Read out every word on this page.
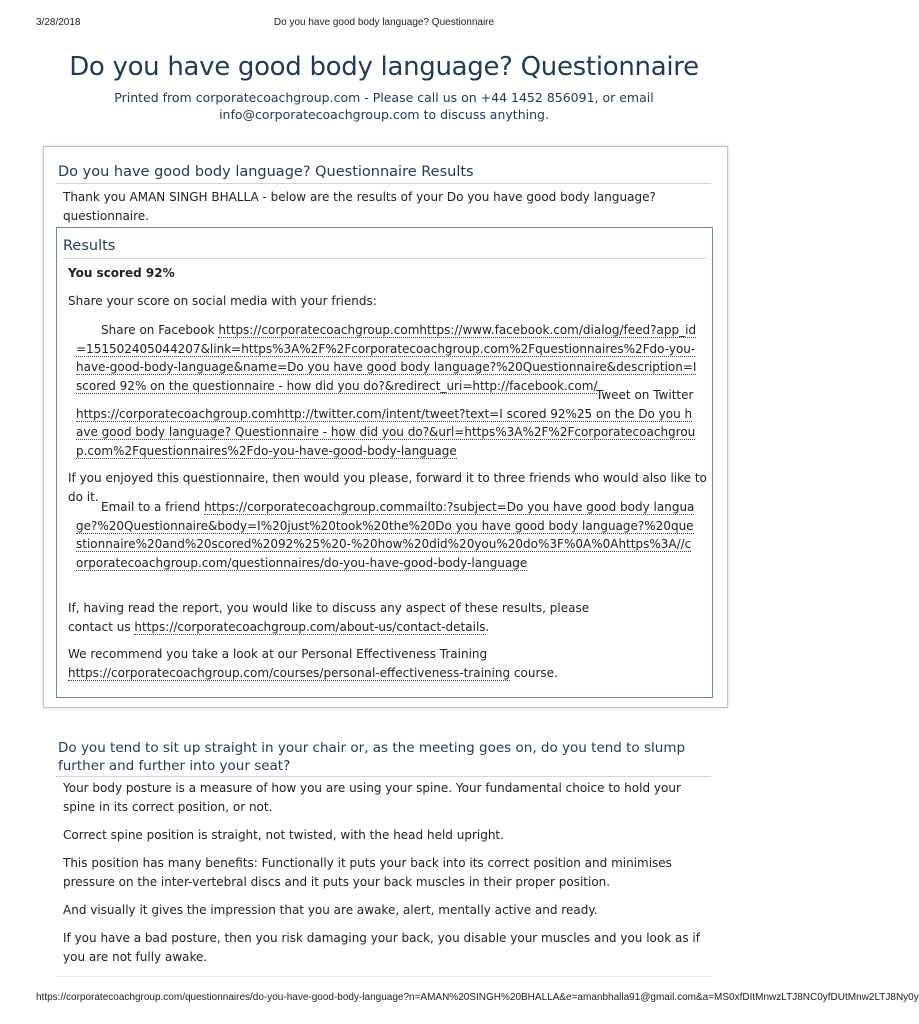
3/28/2018	Do you have good body language? Questionnaire
Do you have good body language? Questionnaire
Printed from corporatecoachgroup.com - Please call us on +44 1452 856091, or email info@corporatecoachgroup.com to discuss anything.
Do you have good body language? Questionnaire Results
Thank you AMAN SINGH BHALLA - below are the results of your Do you have good body language? questionnaire.
Results
You scored 92%
Share your score on social media with your friends:
Share on Facebook https://corporatecoachgroup.comhttps://www.facebook.com/dialog/feed?app_id=151502405044207&link=https%3A%2F%2Fcorporatecoachgroup.com%2Fquestionnaires%2Fdo-you-have-good-body-language&name=Do you have good body language?%20Questionnaire&description=I scored 92% on the questionnaire - how did you do?&redirect_uri=http://facebook.com/
Tweet on Twitter https://corporatecoachgroup.comhttp://twitter.com/intent/tweet?text=I scored 92%25 on the Do you have good body language? Questionnaire - how did you do?&url=https%3A%2F%2Fcorporatecoachgroup.com%2Fquestionnaires%2Fdo-you-have-good-body-language
If you enjoyed this questionnaire, then would you please, forward it to three friends who would also like to do it.
Email to a friend https://corporatecoachgroup.commailto:?subject=Do you have good body language?%20Questionnaire&body=I%20just%20took%20the%20Do you have good body language?%20questionnaire%20and%20scored%2092%25%20-%20how%20did%20you%20do%3F%0A%0Ahttps%3A//corporatecoachgroup.com/questionnaires/do-you-have-good-body-language
If, having read the report, you would like to discuss any aspect of these results, please contact us https://corporatecoachgroup.com/about-us/contact-details.
We recommend you take a look at our Personal Effectiveness Training https://corporatecoachgroup.com/courses/personal-effectiveness-training course.
Do you tend to sit up straight in your chair or, as the meeting goes on, do you tend to slump further and further into your seat?
Your body posture is a measure of how you are using your spine. Your fundamental choice to hold your spine in its correct position, or not.
Correct spine position is straight, not twisted, with the head held upright.
This position has many benefits: Functionally it puts your back into its correct position and minimises pressure on the inter-vertebral discs and it puts your back muscles in their proper position.
And visually it gives the impression that you are awake, alert, mentally active and ready.
If you have a bad posture, then you risk damaging your back, you disable your muscles and you look as if you are not fully awake.
https://corporatecoachgroup.com/questionnaires/do-you-have-good-body-language?n=AMAN%20SINGH%20BHALLA&e=amanbhalla91@gmail.com&a=MS0xfDItMnwzLTJ8NC0yfDUtMnw2LTJ8Ny0y
